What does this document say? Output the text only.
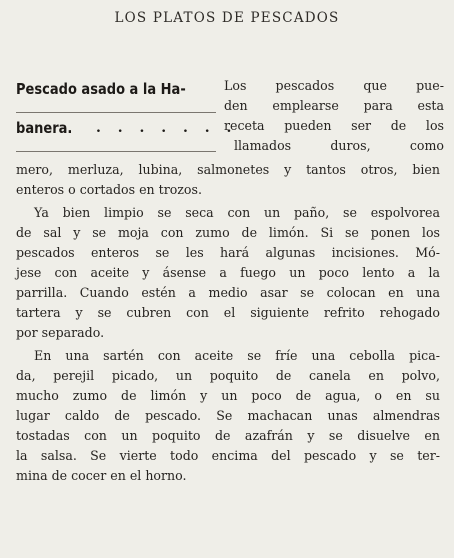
LOS PLATOS DE PESCADOS
Pescado asado a la Ha-
banera. . . . . . . .
Los pescados que pue-
den emplearse para esta
receta pueden ser de los
llamados duros, como
mero, merluza, lubina, salmonetes y tantos otros, bien
enteros o cortados en trozos.
Ya bien limpio se seca con un paño, se espolvorea
de sal y se moja con zumo de limón. Si se ponen los
pescados enteros se les hará algunas incisiones. Mó-
jese con aceite y ásense a fuego un poco lento a la
parrilla. Cuando estén a medio asar se colocan en una
tartera y se cubren con el siguiente refrito rehogado
por separado.
En una sartén con aceite se fríe una cebolla pica-
da, perejil picado, un poquito de canela en polvo,
mucho zumo de limón y un poco de agua, o en su
lugar caldo de pescado. Se machacan unas almendras
tostadas con un poquito de azafrán y se disuelve en
la salsa. Se vierte todo encima del pescado y se ter-
mina de cocer en el horno.
